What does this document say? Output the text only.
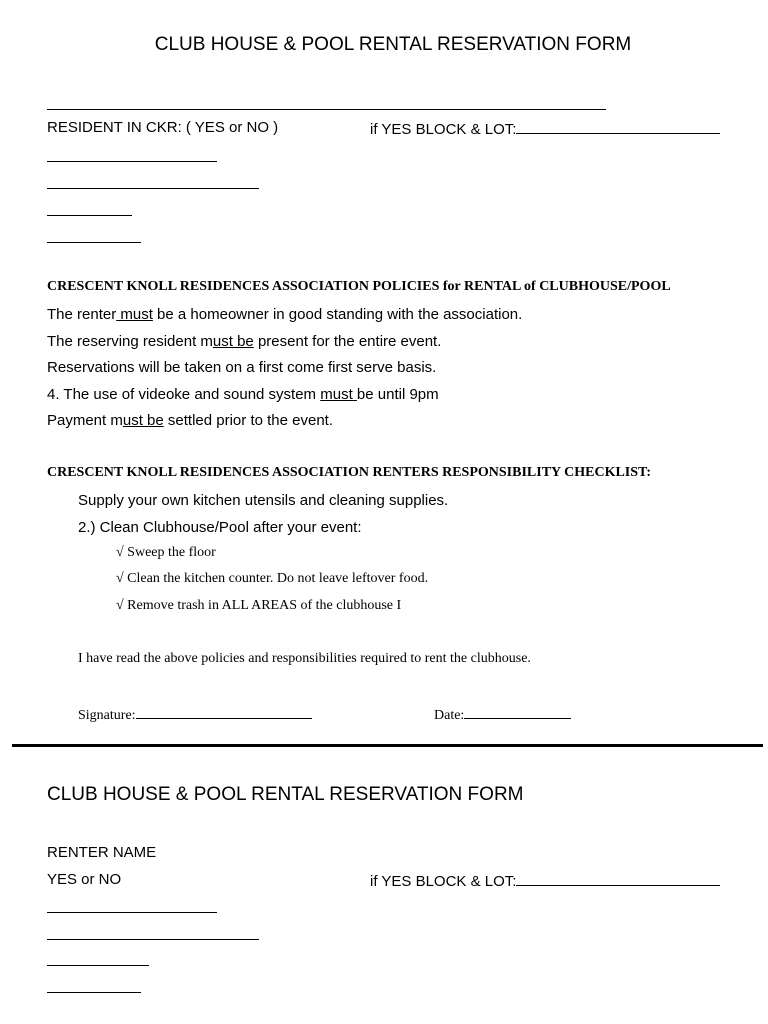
CLUB HOUSE & POOL RENTAL RESERVATION FORM
RESIDENT IN CKR: ( YES or NO )	if YES BLOCK & LOT:
CRESCENT KNOLL RESIDENCES ASSOCIATION POLICIES for RENTAL of CLUBHOUSE/POOL
The renter must be a homeowner in good standing with the association.
The reserving resident must be present for the entire event.
Reservations will be taken on a first come first serve basis.
4. The use of videoke and sound system must be until 9pm
Payment must be settled prior to the event.
CRESCENT KNOLL RESIDENCES ASSOCIATION RENTERS RESPONSIBILITY CHECKLIST:
Supply your own kitchen utensils and cleaning supplies.
2.) Clean Clubhouse/Pool after your event:
√ Sweep the floor
√ Clean the kitchen counter. Do not leave leftover food.
√ Remove trash in ALL AREAS of the clubhouse I
I have read the above policies and responsibilities required to rent the clubhouse.
Signature:	Date:
CLUB HOUSE & POOL RENTAL RESERVATION FORM
RENTER NAME
YES or NO	if YES BLOCK & LOT:
